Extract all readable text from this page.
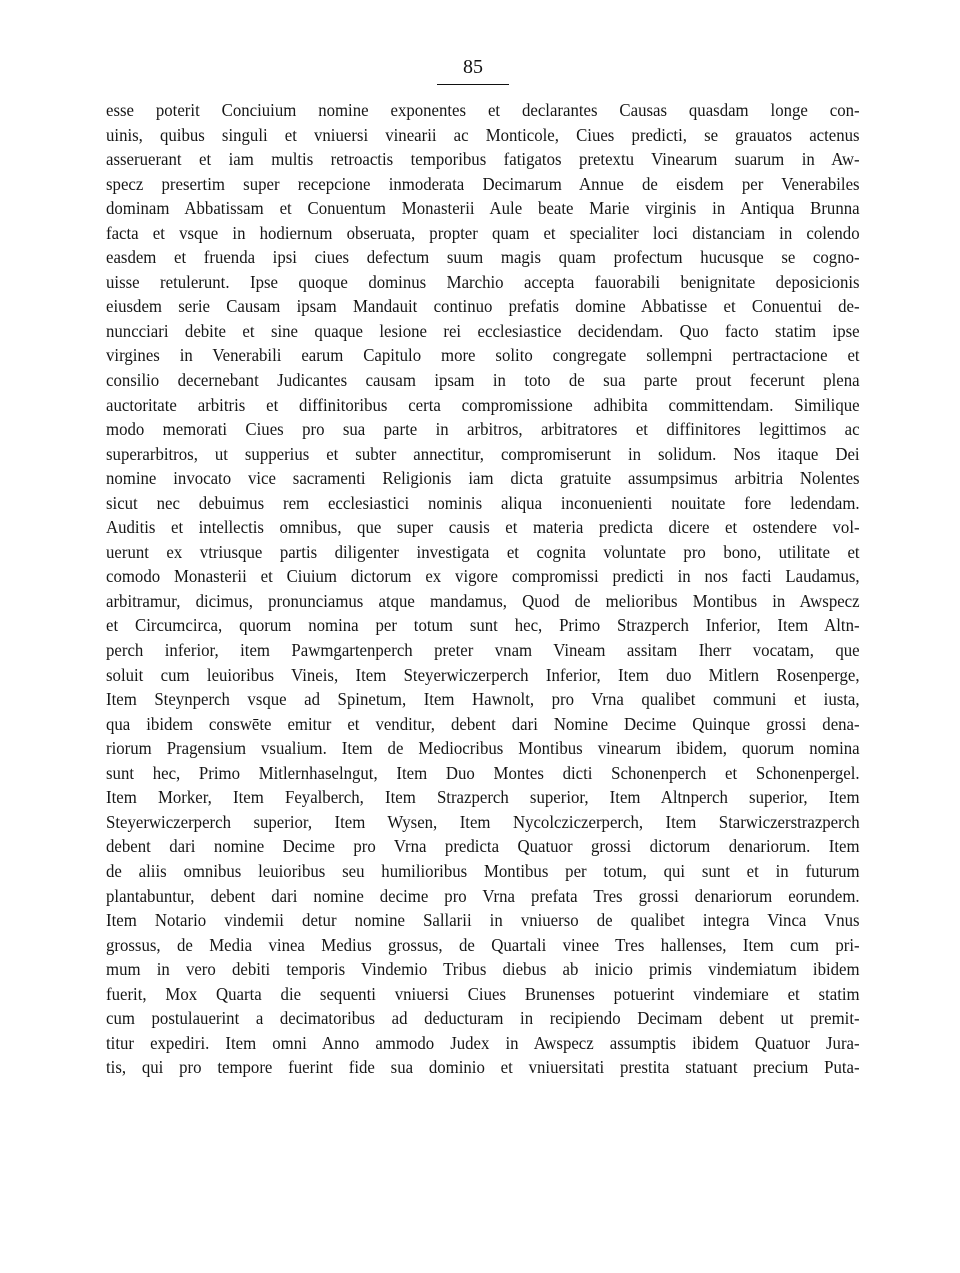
85
esse poterit Conciuium nomine exponentes et declarantes Causas quasdam longe con-
uinis, quibus singuli et vniuersi vinearii ac Monticole, Ciues predicti, se grauatos actenus
asseruerant et iam multis retroactis temporibus fatigatos pretextu Vinearum suarum in Aw-
specz presertim super recepcione inmoderata Decimarum Annue de eisdem per Venerabiles
dominam Abbatissam et Conuentum Monasterii Aule beate Marie virginis in Antiqua Brunna
facta et vsque in hodiernum obseruata, propter quam et specialiter loci distanciam in colendo
easdem et fruenda ipsi ciues defectum suum magis quam profectum hucusque se cogno-
uisse retulerunt. Ipse quoque dominus Marchio accepta fauorabili benignitate deposicionis
eiusdem serie Causam ipsam Mandauit continuo prefatis domine Abbatisse et Conuentui de-
nuncciari debite et sine quaque lesione rei ecclesiastice decidendam. Quo facto statim ipse
virgines in Venerabili earum Capitulo more solito congregate sollempni pertractacione et
consilio decernebant Judicantes causam ipsam in toto de sua parte prout fecerunt plena
auctoritate arbitris et diffinitoribus certa compromissione adhibita committendam. Similique
modo memorati Ciues pro sua parte in arbitros, arbitratores et diffinitores legittimos ac
superarbitros, ut supperius et subter annectitur, compromiserunt in solidum. Nos itaque Dei
nomine invocato vice sacramenti Religionis iam dicta gratuite assumpsimus arbitria Nolentes
sicut nec debuimus rem ecclesiastici nominis aliqua inconuenienti nouitate fore ledendam.
Auditis et intellectis omnibus, que super causis et materia predicta dicere et ostendere vol-
uerunt ex vtriusque partis diligenter investigata et cognita voluntate pro bono, utilitate et
comodo Monasterii et Ciuium dictorum ex vigore compromissi predicti in nos facti Laudamus,
arbitramur, dicimus, pronunciamus atque mandamus, Quod de melioribus Montibus in Awspecz
et Circumcirca, quorum nomina per totum sunt hec, Primo Strazperch Inferior, Item Altn-
perch inferior, item Pawmgartenperch preter vnam Vineam assitam Iherr vocatam, que
soluit cum leuioribus Vineis, Item Steyerwiczerperch Inferior, Item duo Mitlern Rosenperge,
Item Steynperch vsque ad Spinetum, Item Hawnolt, pro Vrna qualibet communi et iusta,
qua ibidem conswēte emitur et venditur, debent dari Nomine Decime Quinque grossi dena-
riorum Pragensium vsualium. Item de Mediocribus Montibus vinearum ibidem, quorum nomina
sunt hec, Primo Mitlernhaselngut, Item Duo Montes dicti Schonenperch et Schonenpergel.
Item Morker, Item Feyalberch, Item Strazperch superior, Item Altnperch superior, Item
Steyerwiczerperch superior, Item Wysen, Item Nycolcziczerperch, Item Starwiczerstrazperch
debent dari nomine Decime pro Vrna predicta Quatuor grossi dictorum denariorum. Item
de aliis omnibus leuioribus seu humilioribus Montibus per totum, qui sunt et in futurum
plantabuntur, debent dari nomine decime pro Vrna prefata Tres grossi denariorum eorundem.
Item Notario vindemii detur nomine Sallarii in vniuerso de qualibet integra Vinca Vnus
grossus, de Media vinea Medius grossus, de Quartali vinee Tres hallenses, Item cum pri-
mum in vero debiti temporis Vindemio Tribus diebus ab inicio primis vindemiatum ibidem
fuerit, Mox Quarta die sequenti vniuersi Ciues Brunenses potuerint vindemiare et statim
cum postulauerint a decimatoribus ad deducturam in recipiendo Decimam debent ut premit-
titur expediri. Item omni Anno ammodo Judex in Awspecz assumptis ibidem Quatuor Jura-
tis, qui pro tempore fuerint fide sua dominio et vniuersitati prestita statuant precium Puta-
